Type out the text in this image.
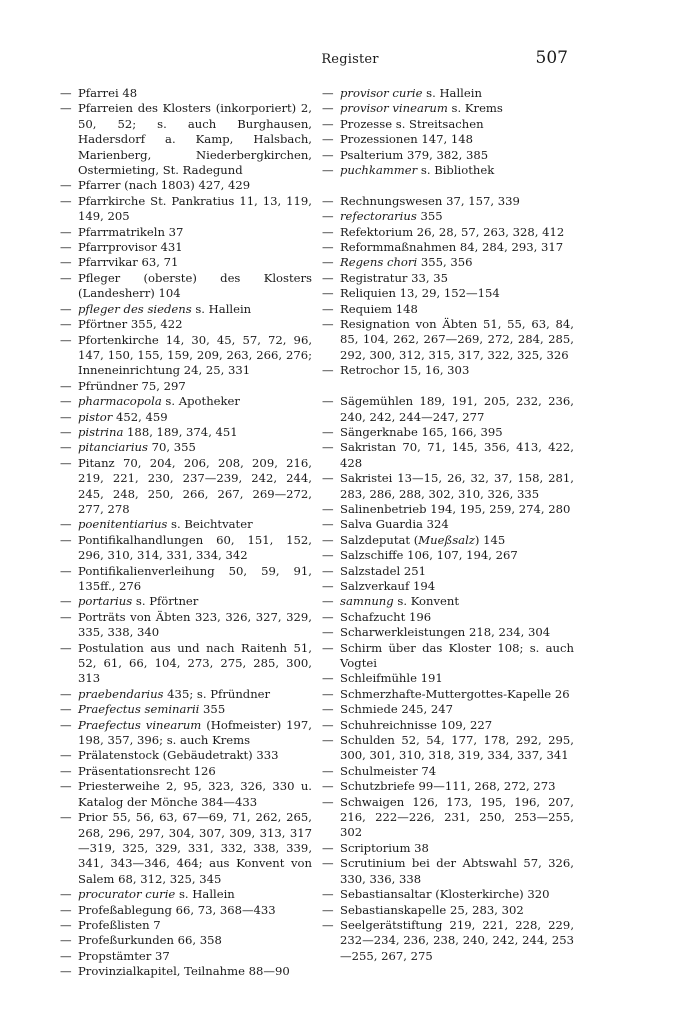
Register	507
— Pfarrei 48
— Pfarreien des Klosters (inkorporiert) 2, 50, 52; s. auch Burghausen, Hadersdorf a. Kamp, Halsbach, Marienberg, Niederbergkirchen, Ostermieting, St. Radegund
— Pfarrer (nach 1803) 427, 429
— Pfarrkirche St. Pankratius 11, 13, 119, 149, 205
— Pfarrmatrikeln 37
— Pfarrprovisor 431
— Pfarrvikar 63, 71
— Pfleger (oberste) des Klosters (Landesherr) 104
— pfleger des siedens s. Hallein
— Pförtner 355, 422
— Pfortenkirche 14, 30, 45, 57, 72, 96, 147, 150, 155, 159, 209, 263, 266, 276; Inneneinrichtung 24, 25, 331
— Pfründner 75, 297
— pharmacopola s. Apotheker
— pistor 452, 459
— pistrina 188, 189, 374, 451
— pitanciarius 70, 355
— Pitanz 70, 204, 206, 208, 209, 216, 219, 221, 230, 237—239, 242, 244, 245, 248, 250, 266, 267, 269—272, 277, 278
— poenitentiarius s. Beichtvater
— Pontifikalhandlungen 60, 151, 152, 296, 310, 314, 331, 334, 342
— Pontifikalienverleihung 50, 59, 91, 135ff., 276
— portarius s. Pförtner
— Porträts von Äbten 323, 326, 327, 329, 335, 338, 340
— Postulation aus und nach Raitenh 51, 52, 61, 66, 104, 273, 275, 285, 300, 313
— praebendarius 435; s. Pfründner
— Praefectus seminarii 355
— Praefectus vinearum (Hofmeister) 197, 198, 357, 396; s. auch Krems
— Prälatenstock (Gebäudetrakt) 333
— Präsentationsrecht 126
— Priesterweihe 2, 95, 323, 326, 330 u. Katalog der Mönche 384—433
— Prior 55, 56, 63, 67—69, 71, 262, 265, 268, 296, 297, 304, 307, 309, 313, 317—319, 325, 329, 331, 332, 338, 339, 341, 343—346, 464; aus Konvent von Salem 68, 312, 325, 345
— procurator curie s. Hallein
— Profeßablegung 66, 73, 368—433
— Profeßlisten 7
— Profeßurkunden 66, 358
— Propstämter 37
— Provinzialkapitel, Teilnahme 88—90
— provisor curie s. Hallein
— provisor vinearum s. Krems
— Prozesse s. Streitsachen
— Prozessionen 147, 148
— Psalterium 379, 382, 385
— puchkammer s. Bibliothek
— Rechnungswesen 37, 157, 339
— refectorarius 355
— Refektorium 26, 28, 57, 263, 328, 412
— Reformmaßnahmen 84, 284, 293, 317
— Regens chori 355, 356
— Registratur 33, 35
— Reliquien 13, 29, 152—154
— Requiem 148
— Resignation von Äbten 51, 55, 63, 84, 85, 104, 262, 267—269, 272, 284, 285, 292, 300, 312, 315, 317, 322, 325, 326
— Retrochor 15, 16, 303
— Sägemühlen 189, 191, 205, 232, 236, 240, 242, 244—247, 277
— Sängerknabe 165, 166, 395
— Sakristan 70, 71, 145, 356, 413, 422, 428
— Sakristei 13—15, 26, 32, 37, 158, 281, 283, 286, 288, 302, 310, 326, 335
— Salinenbetrieb 194, 195, 259, 274, 280
— Salva Guardia 324
— Salzdeputat (Mueßsalz) 145
— Salzschiffe 106, 107, 194, 267
— Salzstadel 251
— Salzverkauf 194
— samnung s. Konvent
— Schafzucht 196
— Scharwerkleistungen 218, 234, 304
— Schirm über das Kloster 108; s. auch Vogtei
— Schleifmühle 191
— Schmerzhafte-Muttergottes-Kapelle 26
— Schmiede 245, 247
— Schuhreichnisse 109, 227
— Schulden 52, 54, 177, 178, 292, 295, 300, 301, 310, 318, 319, 334, 337, 341
— Schulmeister 74
— Schutzbriefe 99—111, 268, 272, 273
— Schwaigen 126, 173, 195, 196, 207, 216, 222—226, 231, 250, 253—255, 302
— Scriptorium 38
— Scrutinium bei der Abtswahl 57, 326, 330, 336, 338
— Sebastiansaltar (Klosterkirche) 320
— Sebastianskapelle 25, 283, 302
— Seelgerätstiftung 219, 221, 228, 229, 232—234, 236, 238, 240, 242, 244, 253—255, 267, 275
